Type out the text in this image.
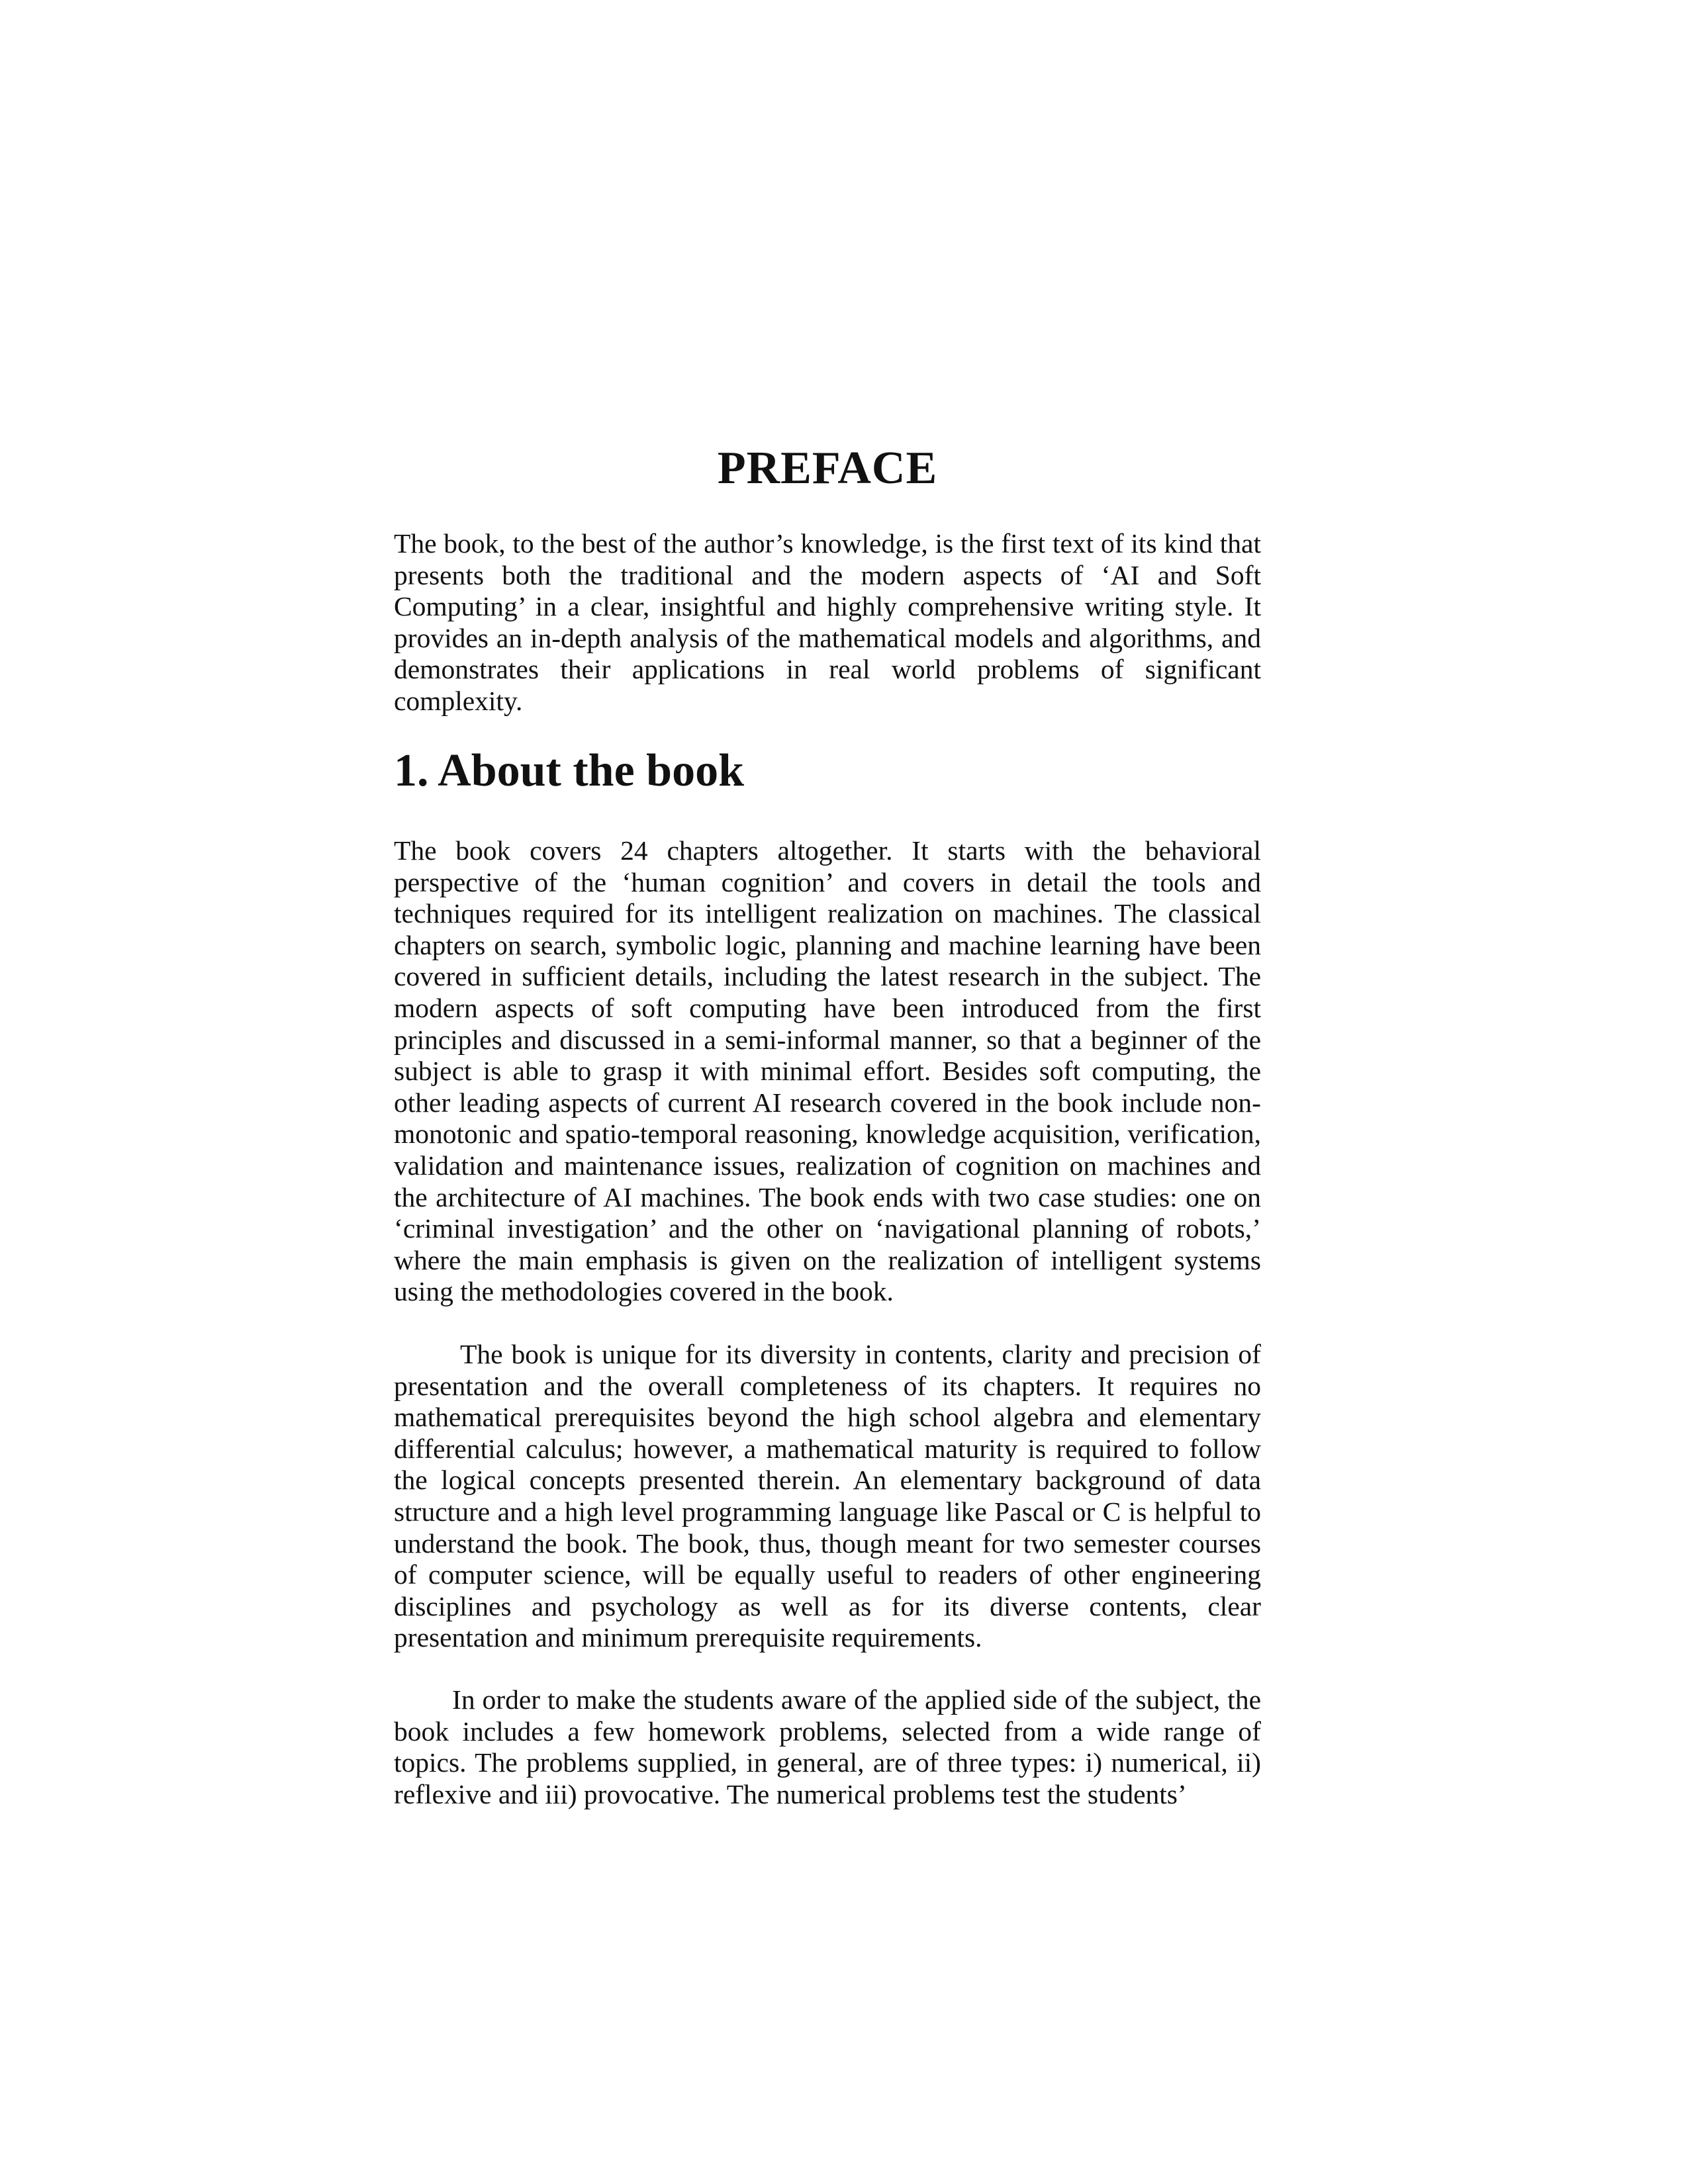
PREFACE

The book, to the best of the author’s knowledge, is the first text of its kind that presents both the traditional and the modern aspects of ‘AI and Soft Computing’ in a clear, insightful and highly comprehensive writing style. It provides an in-depth analysis of the mathematical models and algorithms, and demonstrates their applications in real world problems of significant complexity.

1. About the book

The book covers 24 chapters altogether. It starts with the behavioral perspective of the ‘human cognition’ and covers in detail the tools and techniques required for its intelligent realization on machines. The classical chapters on search, symbolic logic, planning and machine learning have been covered in sufficient details, including the latest research in the subject. The modern aspects of soft computing have been introduced from the first principles and discussed in a semi-informal manner, so that a beginner of the subject is able to grasp it with minimal effort. Besides soft computing, the other leading aspects of current AI research covered in the book include non-monotonic and spatio-temporal reasoning, knowledge acquisition, verification, validation and maintenance issues, realization of cognition on machines and the architecture of AI machines. The book ends with two case studies: one on ‘criminal investigation’ and the other on ‘navigational planning of robots,’ where the main emphasis is given on the realization of intelligent systems using the methodologies covered in the book.

The book is unique for its diversity in contents, clarity and precision of presentation and the overall completeness of its chapters. It requires no mathematical prerequisites beyond the high school algebra and elementary differential calculus; however, a mathematical maturity is required to follow the logical concepts presented therein. An elementary background of data structure and a high level programming language like Pascal or C is helpful to understand the book. The book, thus, though meant for two semester courses of computer science, will be equally useful to readers of other engineering disciplines and psychology as well as for its diverse contents, clear presentation and minimum prerequisite requirements.

In order to make the students aware of the applied side of the subject, the book includes a few homework problems, selected from a wide range of topics. The problems supplied, in general, are of three types: i) numerical, ii) reflexive and iii) provocative. The numerical problems test the students’
